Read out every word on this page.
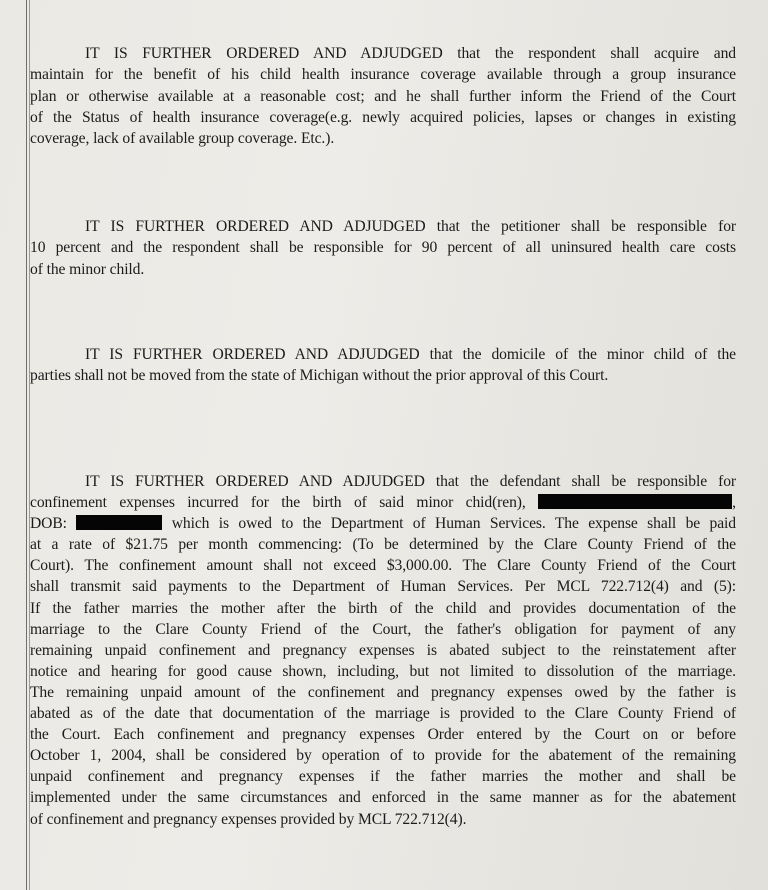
IT IS FURTHER ORDERED AND ADJUDGED that the respondent shall acquire and
maintain for the benefit of his child health insurance coverage available through a group insurance
plan or otherwise available at a reasonable cost; and he shall further inform the Friend of the Court
of the Status of health insurance coverage(e.g. newly acquired policies, lapses or changes in existing
coverage, lack of available group coverage. Etc.).
IT IS FURTHER ORDERED AND ADJUDGED that the petitioner shall be responsible for
10 percent and the respondent shall be responsible for 90 percent of all uninsured health care costs
of the minor child.
IT IS FURTHER ORDERED AND ADJUDGED that the domicile of the minor child of the
parties shall not be moved from the state of Michigan without the prior approval of this Court.
IT IS FURTHER ORDERED AND ADJUDGED that the defendant shall be responsible for
confinement expenses incurred for the birth of said minor chid(ren),	,
DOB:	which is owed to the Department of Human Services. The expense shall be paid
at a rate of $21.75 per month commencing: (To be determined by the Clare County Friend of the
Court). The confinement amount shall not exceed $3,000.00. The Clare County Friend of the Court
shall transmit said payments to the Department of Human Services. Per MCL 722.712(4) and (5):
If the father marries the mother after the birth of the child and provides documentation of the
marriage to the Clare County Friend of the Court, the father's obligation for payment of any
remaining unpaid confinement and pregnancy expenses is abated subject to the reinstatement after
notice and hearing for good cause shown, including, but not limited to dissolution of the marriage.
The remaining unpaid amount of the confinement and pregnancy expenses owed by the father is
abated as of the date that documentation of the marriage is provided to the Clare County Friend of
the Court. Each confinement and pregnancy expenses Order entered by the Court on or before
October 1, 2004, shall be considered by operation of to provide for the abatement of the remaining
unpaid confinement and pregnancy expenses if the father marries the mother and shall be
implemented under the same circumstances and enforced in the same manner as for the abatement
of confinement and pregnancy expenses provided by MCL 722.712(4).
